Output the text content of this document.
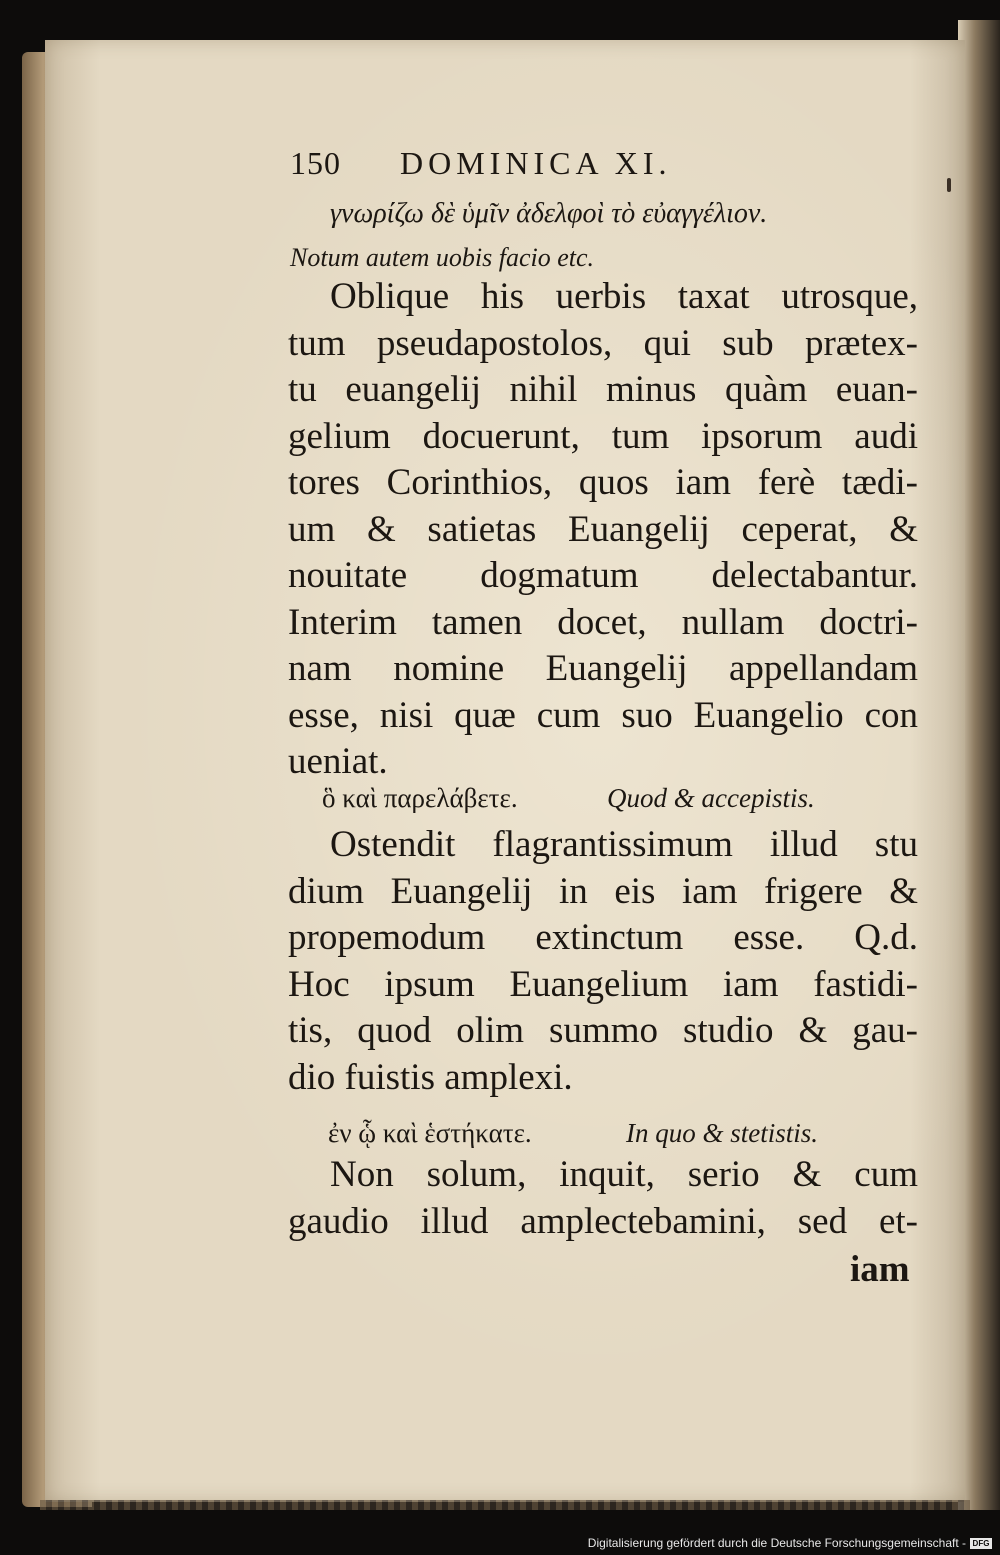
150 DOMINICA XI.
γνωρίζω δὲ ὑμῖν ἀδελφοὶ τὸ εὐαγγέλιον.
Notum autem uobis facio etc.
Oblique his uerbis taxat utrosque,
tum pseudapostolos, qui sub prætex-
tu euangelij nihil minus quàm euan-
gelium docuerunt, tum ipsorum audi
tores Corinthios, quos iam ferè tædi-
um & satietas Euangelij ceperat, &
nouitate dogmatum delectabantur.
Interim tamen docet, nullam doctri-
nam nomine Euangelij appellandam
esse, nisi quæ cum suo Euangelio con
ueniat.
ὃ καὶ παρελάβετε.	Quod & accepistis.
Ostendit flagrantissimum illud stu
dium Euangelij in eis iam frigere &
propemodum extinctum esse. Q.d.
Hoc ipsum Euangelium iam fastidi-
tis, quod olim summo studio & gau-
dio fuistis amplexi.
ἐν ᾧ καὶ ἑστήκατε.	In quo & stetistis.
Non solum, inquit, serio & cum
gaudio illud amplectebamini, sed et-
iam
Digitalisierung gefördert durch die Deutsche Forschungsgemeinschaft - DFG
